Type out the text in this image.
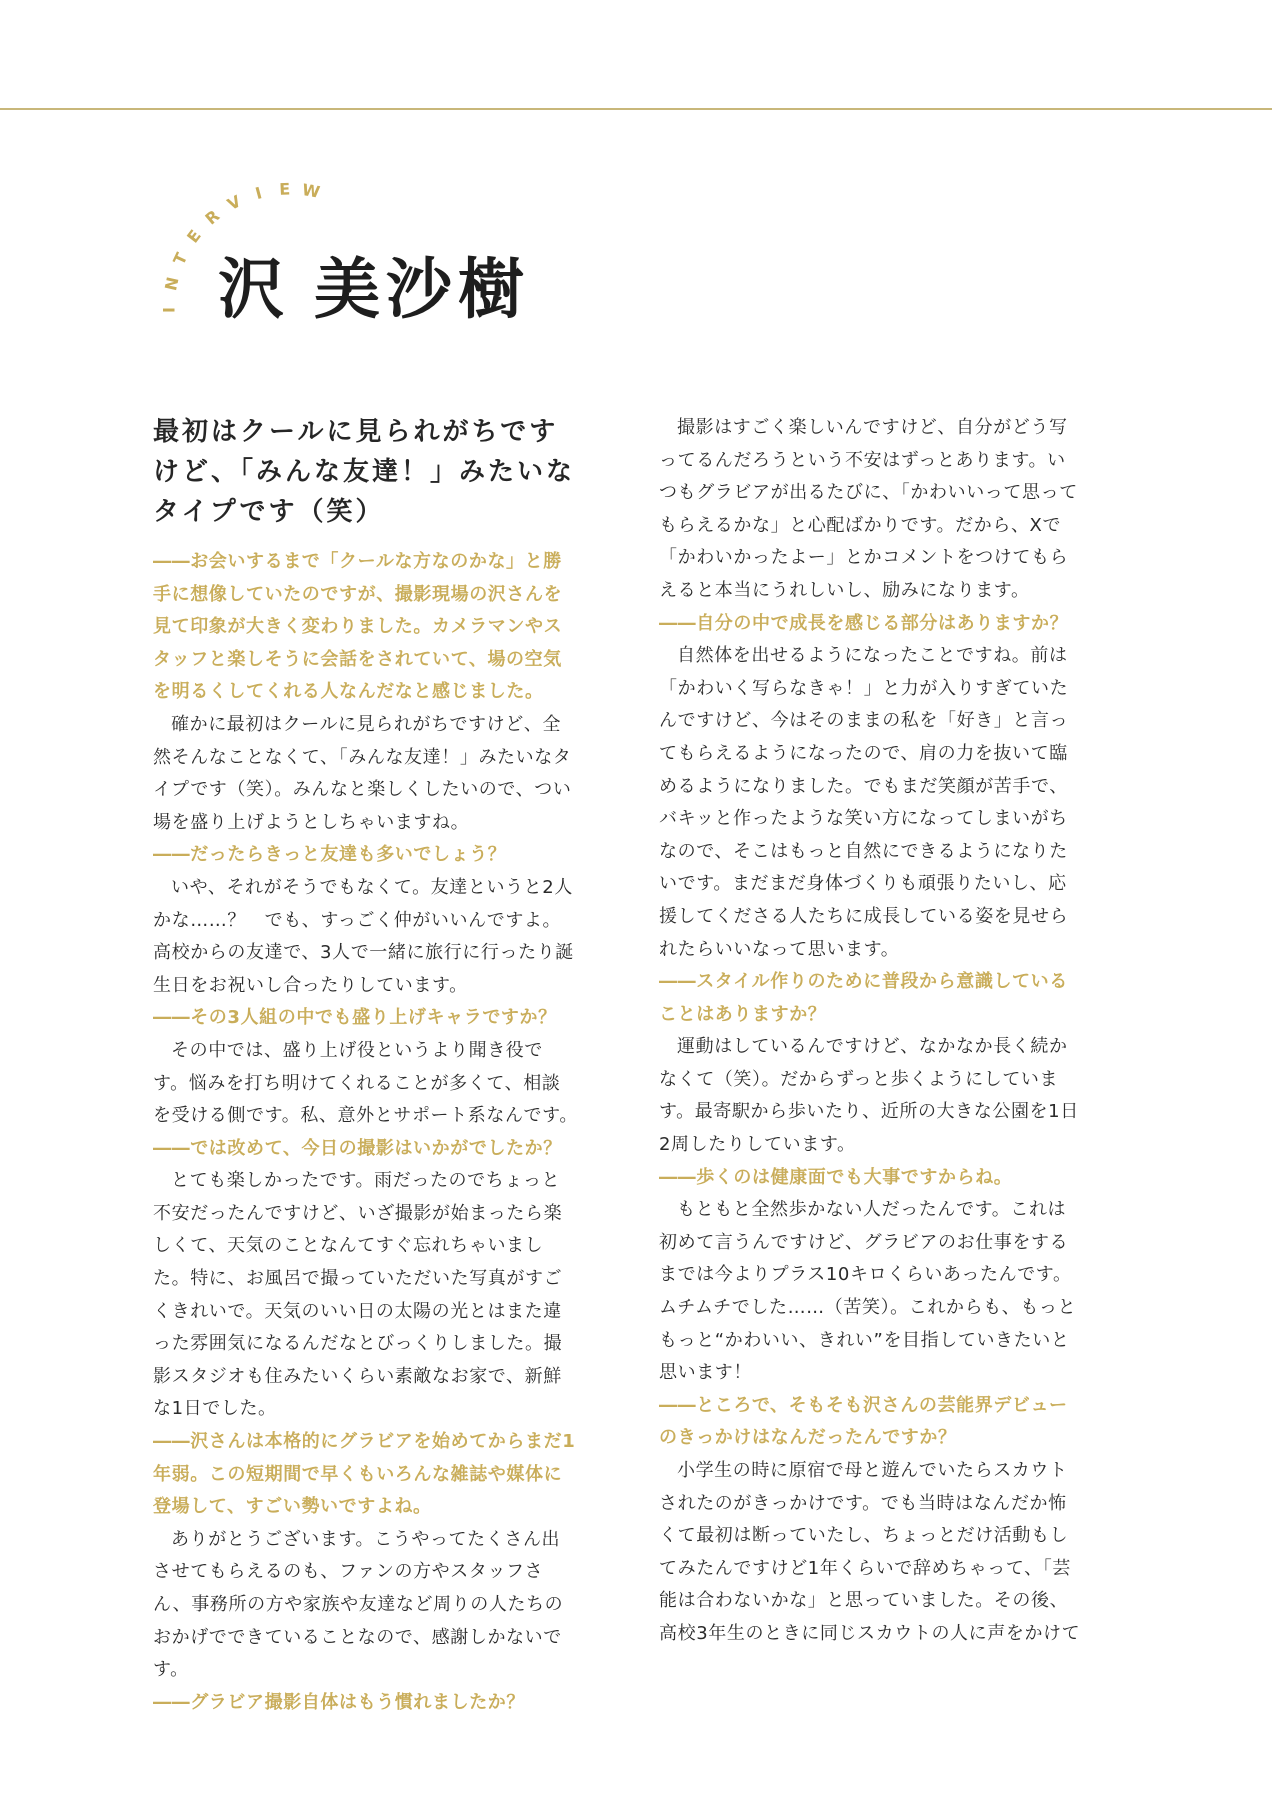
I
N
T
E
R
V I E W
沢 美沙樹
最初はクールに見られがちですけど、「みんな友達！」みたいなタイプです（笑）

――お会いするまで「クールな方なのかな」と勝手に想像していたのですが、撮影現場の沢さんを見て印象が大きく変わりました。カメラマンやスタッフと楽しそうに会話をされていて、場の空気を明るくしてくれる人なんだなと感じました。

確かに最初はクールに見られがちですけど、全然そんなことなくて、「みんな友達！」みたいなタイプです（笑）。みんなと楽しくしたいので、つい場を盛り上げようとしちゃいますね。

――だったらきっと友達も多いでしょう？

いや、それがそうでもなくて。友達というと2人かな……？　でも、すっごく仲がいいんですよ。高校からの友達で、3人で一緒に旅行に行ったり誕生日をお祝いし合ったりしています。

――その3人組の中でも盛り上げキャラですか？

その中では、盛り上げ役というより聞き役です。悩みを打ち明けてくれることが多くて、相談を受ける側です。私、意外とサポート系なんです。

――では改めて、今日の撮影はいかがでしたか？

とても楽しかったです。雨だったのでちょっと不安だったんですけど、いざ撮影が始まったら楽しくて、天気のことなんてすぐ忘れちゃいました。特に、お風呂で撮っていただいた写真がすごくきれいで。天気のいい日の太陽の光とはまた違った雰囲気になるんだなとびっくりしました。撮影スタジオも住みたいくらい素敵なお家で、新鮮な1日でした。

――沢さんは本格的にグラビアを始めてからまだ1年弱。この短期間で早くもいろんな雑誌や媒体に登場して、すごい勢いですよね。

ありがとうございます。こうやってたくさん出させてもらえるのも、ファンの方やスタッフさん、事務所の方や家族や友達など周りの人たちのおかげでできていることなので、感謝しかないです。

――グラビア撮影自体はもう慣れましたか？

撮影はすごく楽しいんですけど、自分がどう写ってるんだろうという不安はずっとあります。いつもグラビアが出るたびに、「かわいいって思ってもらえるかな」と心配ばかりです。だから、Xで「かわいかったよー」とかコメントをつけてもらえると本当にうれしいし、励みになります。

――自分の中で成長を感じる部分はありますか？

自然体を出せるようになったことですね。前は「かわいく写らなきゃ！」と力が入りすぎていたんですけど、今はそのままの私を「好き」と言ってもらえるようになったので、肩の力を抜いて臨めるようになりました。でもまだ笑顔が苦手で、バキッと作ったような笑い方になってしまいがちなので、そこはもっと自然にできるようになりたいです。まだまだ身体づくりも頑張りたいし、応援してくださる人たちに成長している姿を見せられたらいいなって思います。

――スタイル作りのために普段から意識していることはありますか？

運動はしているんですけど、なかなか長く続かなくて（笑）。だからずっと歩くようにしています。最寄駅から歩いたり、近所の大きな公園を1日2周したりしています。

――歩くのは健康面でも大事ですからね。

もともと全然歩かない人だったんです。これは初めて言うんですけど、グラビアのお仕事をするまでは今よりプラス10キロくらいあったんです。ムチムチでした……（苦笑）。これからも、もっともっと“かわいい、きれい”を目指していきたいと思います！

――ところで、そもそも沢さんの芸能界デビューのきっかけはなんだったんですか？

小学生の時に原宿で母と遊んでいたらスカウトされたのがきっかけです。でも当時はなんだか怖くて最初は断っていたし、ちょっとだけ活動もしてみたんですけど1年くらいで辞めちゃって、「芸能は合わないかな」と思っていました。その後、高校3年生のときに同じスカウトの人に声をかけて
